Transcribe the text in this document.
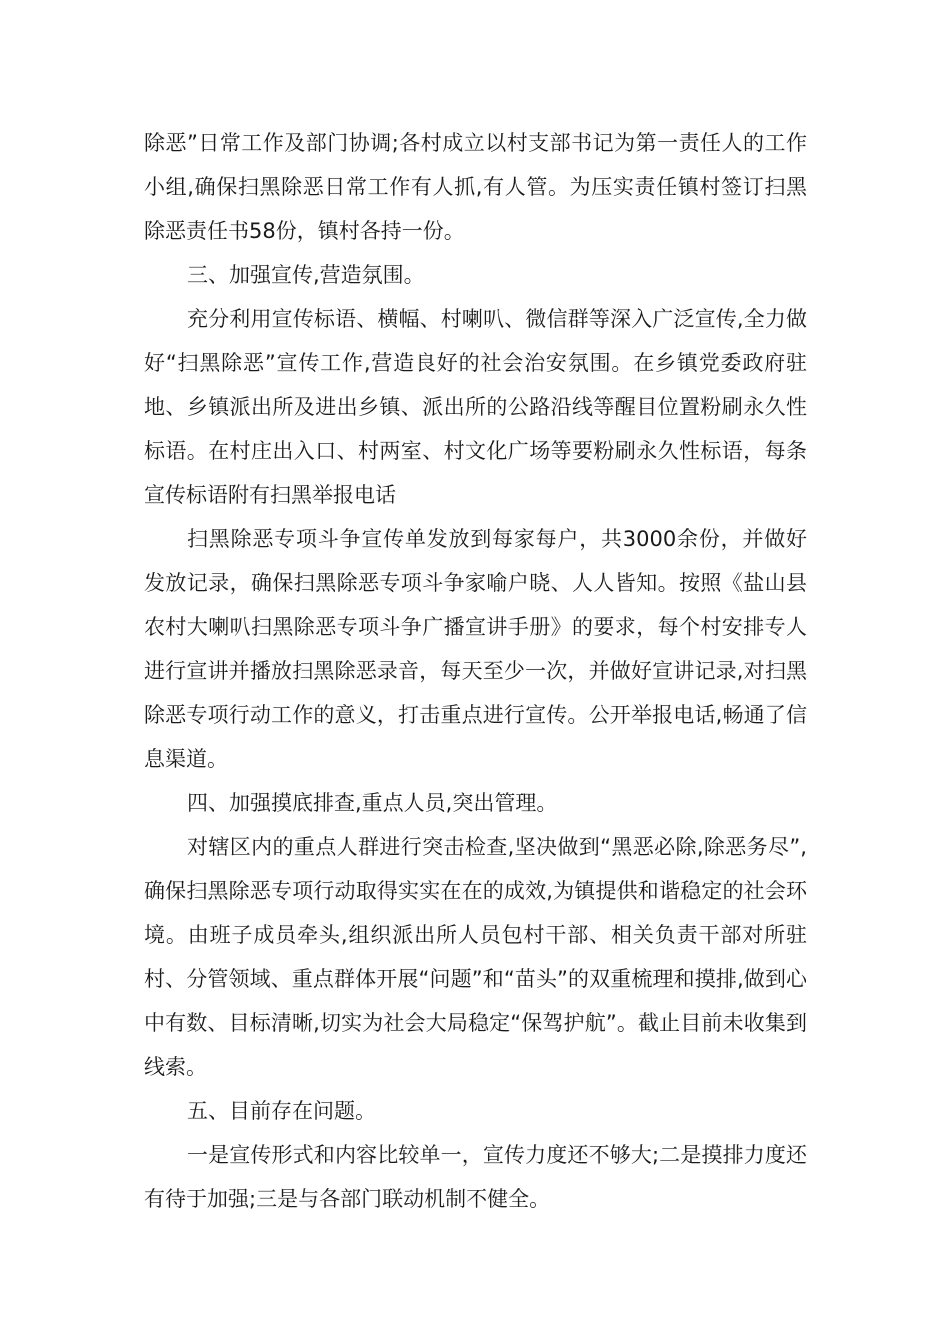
除恶”日常工作及部门协调;各村成立以村支部书记为第一责任人的工作小组,确保扫黑除恶日常工作有人抓,有人管。为压实责任镇村签订扫黑除恶责任书58份，镇村各持一份。

三、加强宣传,营造氛围。

充分利用宣传标语、横幅、村喇叭、微信群等深入广泛宣传,全力做好“扫黑除恶”宣传工作,营造良好的社会治安氛围。在乡镇党委政府驻地、乡镇派出所及进出乡镇、派出所的公路沿线等醒目位置粉刷永久性标语。在村庄出入口、村两室、村文化广场等要粉刷永久性标语，每条宣传标语附有扫黑举报电话

扫黑除恶专项斗争宣传单发放到每家每户，共3000余份，并做好发放记录，确保扫黑除恶专项斗争家喻户晓、人人皆知。按照《盐山县农村大喇叭扫黑除恶专项斗争广播宣讲手册》的要求，每个村安排专人进行宣讲并播放扫黑除恶录音，每天至少一次，并做好宣讲记录,对扫黑除恶专项行动工作的意义，打击重点进行宣传。公开举报电话,畅通了信息渠道。

四、加强摸底排查,重点人员,突出管理。

对辖区内的重点人群进行突击检查,坚决做到“黑恶必除,除恶务尽”,确保扫黑除恶专项行动取得实实在在的成效,为镇提供和谐稳定的社会环境。由班子成员牵头,组织派出所人员包村干部、相关负责干部对所驻村、分管领域、重点群体开展“问题”和“苗头”的双重梳理和摸排,做到心中有数、目标清晰,切实为社会大局稳定“保驾护航”。截止目前未收集到线索。

五、目前存在问题。

一是宣传形式和内容比较单一，宣传力度还不够大;二是摸排力度还有待于加强;三是与各部门联动机制不健全。
